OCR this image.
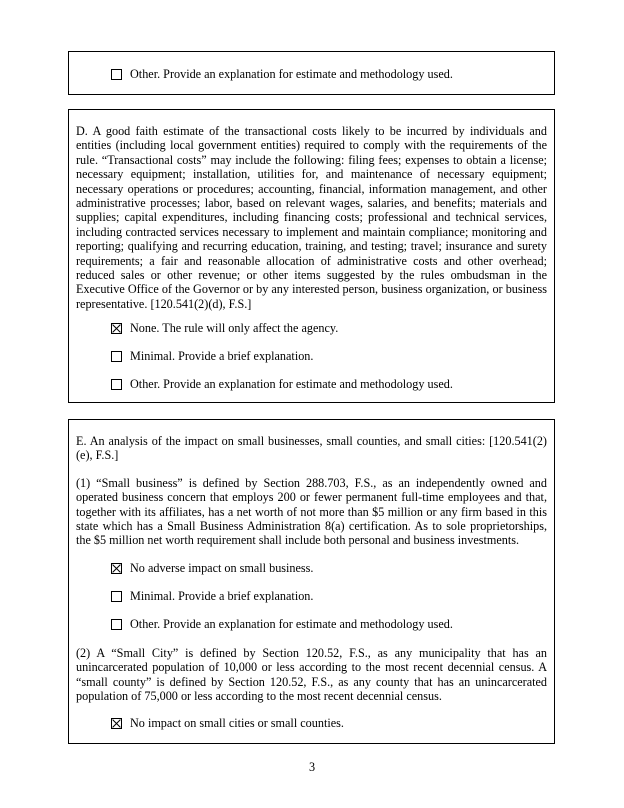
Other. Provide an explanation for estimate and methodology used.

D. A good faith estimate of the transactional costs likely to be incurred by individuals and entities (including local government entities) required to comply with the requirements of the rule. “Transactional costs” may include the following: filing fees; expenses to obtain a license; necessary equipment; installation, utilities for, and maintenance of necessary equipment; necessary operations or procedures; accounting, financial, information management, and other administrative processes; labor, based on relevant wages, salaries, and benefits; materials and supplies; capital expenditures, including financing costs; professional and technical services, including contracted services necessary to implement and maintain compliance; monitoring and reporting; qualifying and recurring education, training, and testing; travel; insurance and surety requirements; a fair and reasonable allocation of administrative costs and other overhead; reduced sales or other revenue; or other items suggested by the rules ombudsman in the Executive Office of the Governor or by any interested person, business organization, or business representative. [120.541(2)(d), F.S.]

None. The rule will only affect the agency.
Minimal. Provide a brief explanation.
Other. Provide an explanation for estimate and methodology used.

E. An analysis of the impact on small businesses, small counties, and small cities: [120.541(2)(e), F.S.]

(1) “Small business” is defined by Section 288.703, F.S., as an independently owned and operated business concern that employs 200 or fewer permanent full-time employees and that, together with its affiliates, has a net worth of not more than $5 million or any firm based in this state which has a Small Business Administration 8(a) certification. As to sole proprietorships, the $5 million net worth requirement shall include both personal and business investments.

No adverse impact on small business.
Minimal. Provide a brief explanation.
Other. Provide an explanation for estimate and methodology used.

(2) A “Small City” is defined by Section 120.52, F.S., as any municipality that has an unincarcerated population of 10,000 or less according to the most recent decennial census. A “small county” is defined by Section 120.52, F.S., as any county that has an unincarcerated population of 75,000 or less according to the most recent decennial census.

No impact on small cities or small counties.
3
